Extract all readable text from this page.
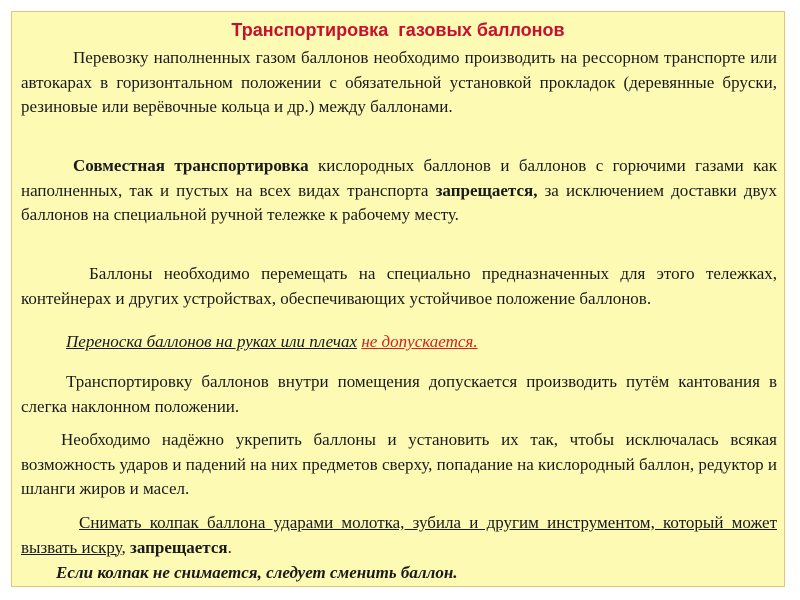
Транспортировка  газовых баллонов
Перевозку наполненных газом баллонов необходимо производить на рессорном транспорте или автокарах в горизонтальном положении с обязательной установкой прокладок (деревянные бруски, резиновые или верёвочные кольца и др.) между баллонами.
Совместная транспортировка кислородных баллонов и баллонов с горючими газами как наполненных, так и пустых на всех видах транспорта запрещается, за исключением доставки двух баллонов на специальной ручной тележке к рабочему месту.
Баллоны необходимо перемещать на специально предназначенных для этого тележках, контейнерах и других устройствах, обеспечивающих устойчивое положение баллонов.
Переноска баллонов на руках или плечах не допускается.
Транспортировку баллонов внутри помещения допускается производить путём кантования в слегка наклонном положении.
Необходимо надёжно укрепить баллоны и установить их так, чтобы исключалась всякая возможность ударов и падений на них предметов сверху, попадание на кислородный баллон, редуктор и шланги жиров и масел.
Снимать колпак баллона ударами молотка, зубила и другим инструментом, который может вызвать искру, запрещается.
Если колпак не снимается, следует сменить баллон.
